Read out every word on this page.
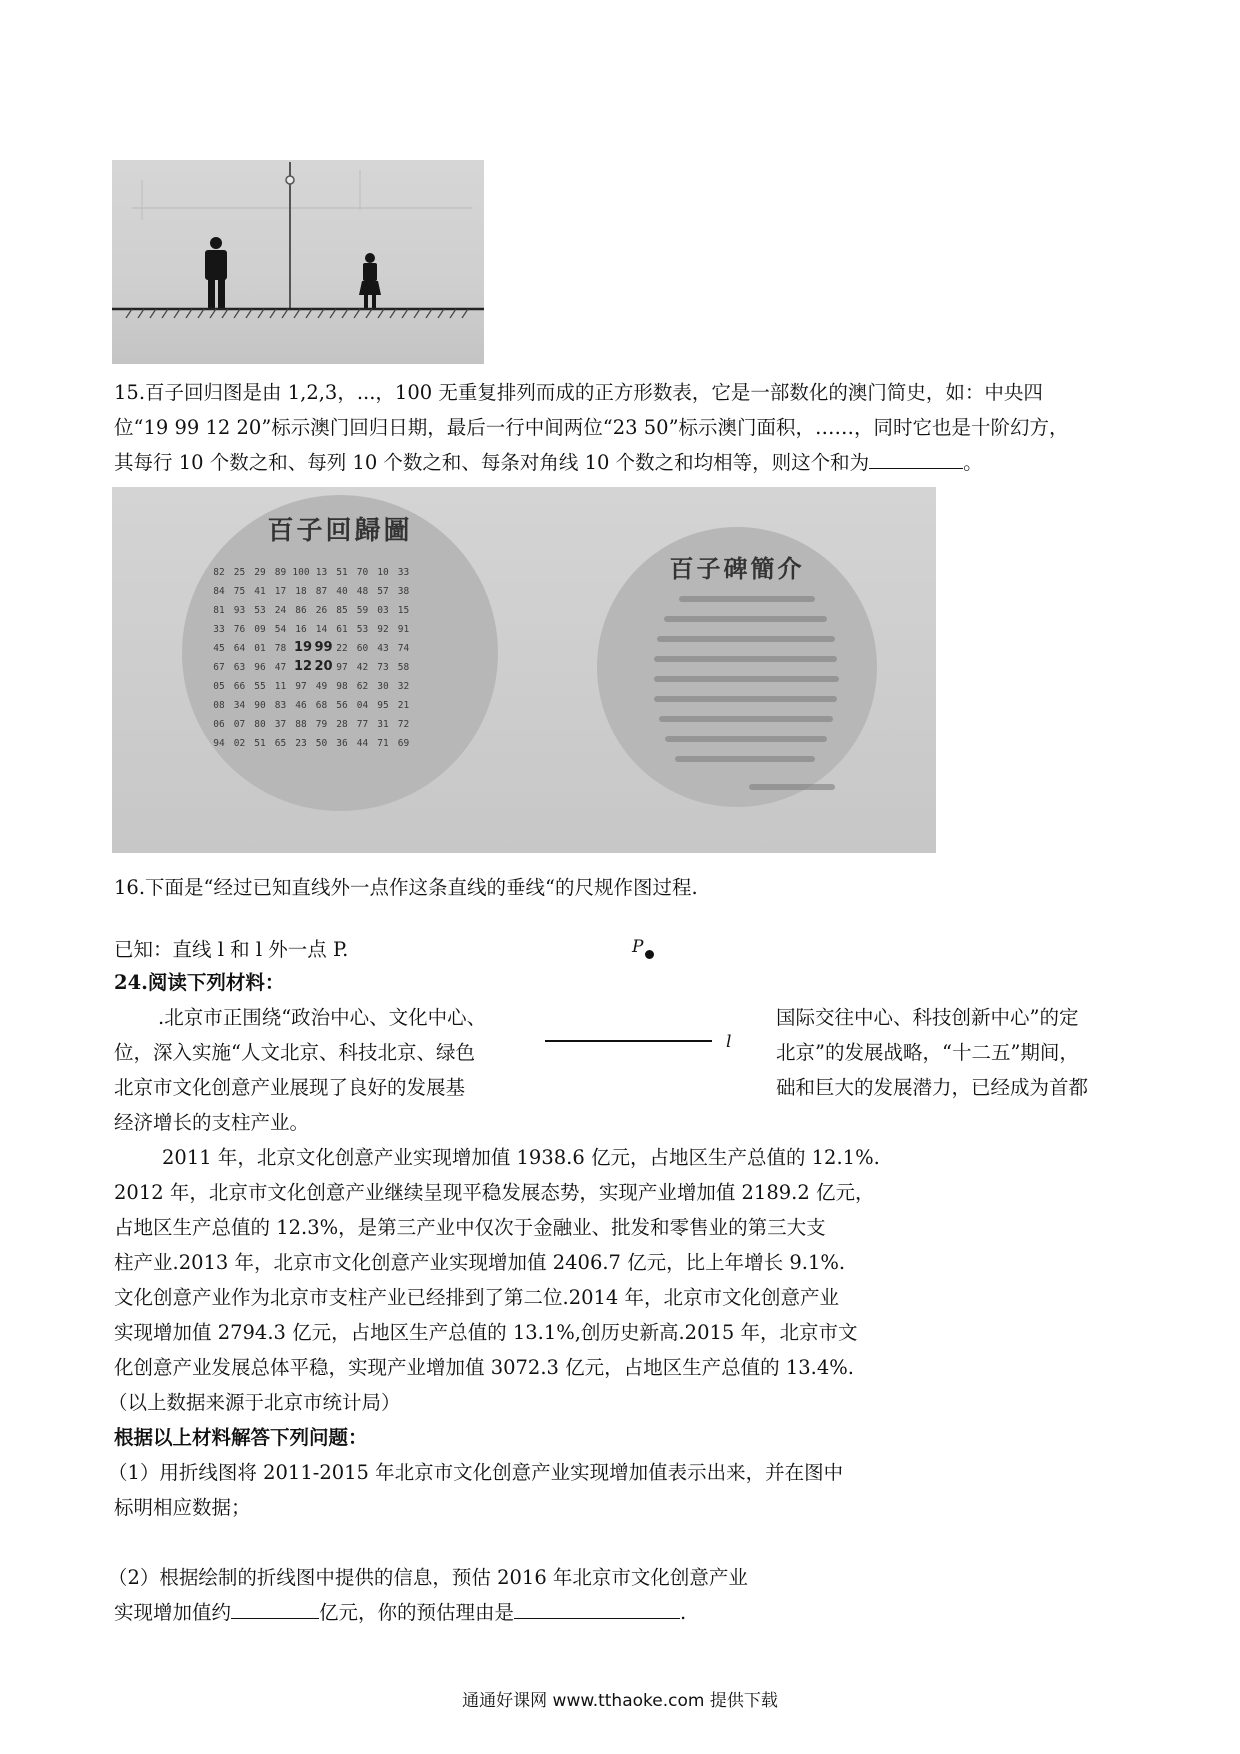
15.百子回归图是由 1,2,3，...，100 无重复排列而成的正方形数表，它是一部数化的澳门简史，如：中央四
位“19 99 12 20”标示澳门回归日期，最后一行中间两位“23 50”标示澳门面积，……，同时它也是十阶幻方，
其每行 10 个数之和、每列 10 个数之和、每条对角线 10 个数之和均相等，则这个和为	。
百子回歸圖
82 25 29 89 100 13 51 70 10 33
84 75 41 17 18 87 40 48 57 38
81 93 53 24 86 26 85 59 03 15
33 76 09 54 16 14 61 53 92 91
45 64 01 78 19 99 22 60 43 74
67 63 96 47 12 20 97 42 73 58
05 66 55 11 97 49 98 62 30 32
08 34 90 83 46 68 56 04 95 21
06 07 80 37 88 79 28 77 31 72
94 02 51 65 23 50 36 44 71 69
百子碑簡介
16.下面是“经过已知直线外一点作这条直线的垂线“的尺规作图过程.
已知：直线 l 和 l 外一点 P.	P
l
24.阅读下列材料：
.北京市正围绕“政治中心、文化中心、	国际交往中心、科技创新中心”的定
位，深入实施“人文北京、科技北京、绿色	北京”的发展战略，“十二五”期间，
北京市文化创意产业展现了良好的发展基	础和巨大的发展潜力，已经成为首都
经济增长的支柱产业。
2011 年，北京文化创意产业实现增加值 1938.6 亿元，占地区生产总值的 12.1%.
2012 年，北京市文化创意产业继续呈现平稳发展态势，实现产业增加值 2189.2 亿元，
占地区生产总值的 12.3%，是第三产业中仅次于金融业、批发和零售业的第三大支
柱产业.2013 年，北京市文化创意产业实现增加值 2406.7 亿元，比上年增长 9.1%.
文化创意产业作为北京市支柱产业已经排到了第二位.2014 年，北京市文化创意产业
实现增加值 2794.3 亿元，占地区生产总值的 13.1%,创历史新高.2015 年，北京市文
化创意产业发展总体平稳，实现产业增加值 3072.3 亿元，占地区生产总值的 13.4%.
（以上数据来源于北京市统计局）
根据以上材料解答下列问题：
（1）用折线图将 2011-2015 年北京市文化创意产业实现增加值表示出来，并在图中
标明相应数据；
（2）根据绘制的折线图中提供的信息，预估 2016 年北京市文化创意产业
实现增加值约	亿元，你的预估理由是	.
通通好课网 www.tthaoke.com 提供下载
